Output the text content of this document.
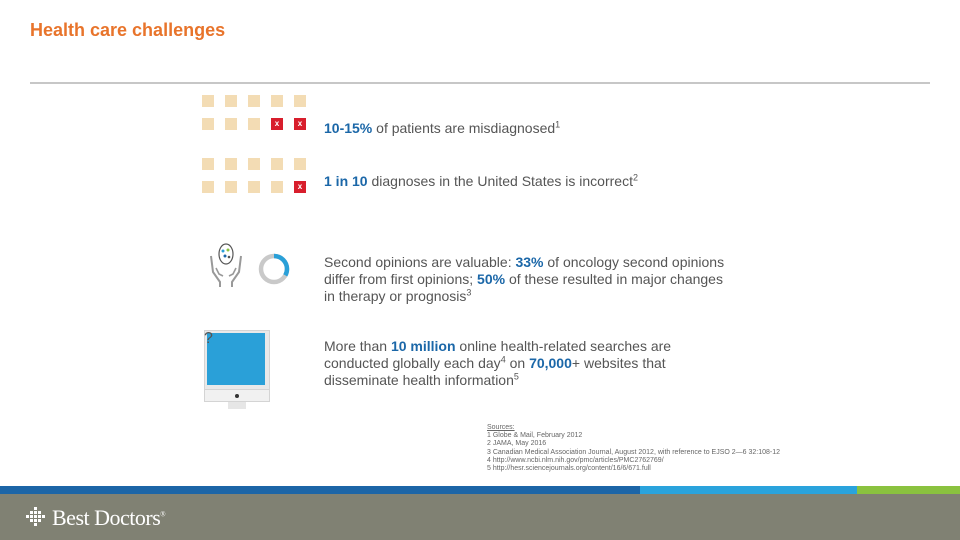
Health care challenges
x	x
x
10-15% of patients are misdiagnosed$^1$
1 in 10 diagnoses in the United States is incorrect$^2$
Second opinions are valuable: 33% of oncology second opinions
differ from first opinions; 50% of these resulted in major changes
in therapy or prognosis$^3$
?	More than 10 million online health-related searches are
conducted globally each day$^4$ on 70,000+ websites that
disseminate health information$^5$
Sources:
1 Globe & Mail, February 2012
2 JAMA, May 2016
3 Canadian Medical Association Journal, August 2012, with reference to EJSO 2—6 32:108-12
4 http://www.ncbi.nlm.nih.gov/pmc/articles/PMC2762769/
5 http://hesr.sciencejournals.org/content/16/6/671.full
Best Doctors®
